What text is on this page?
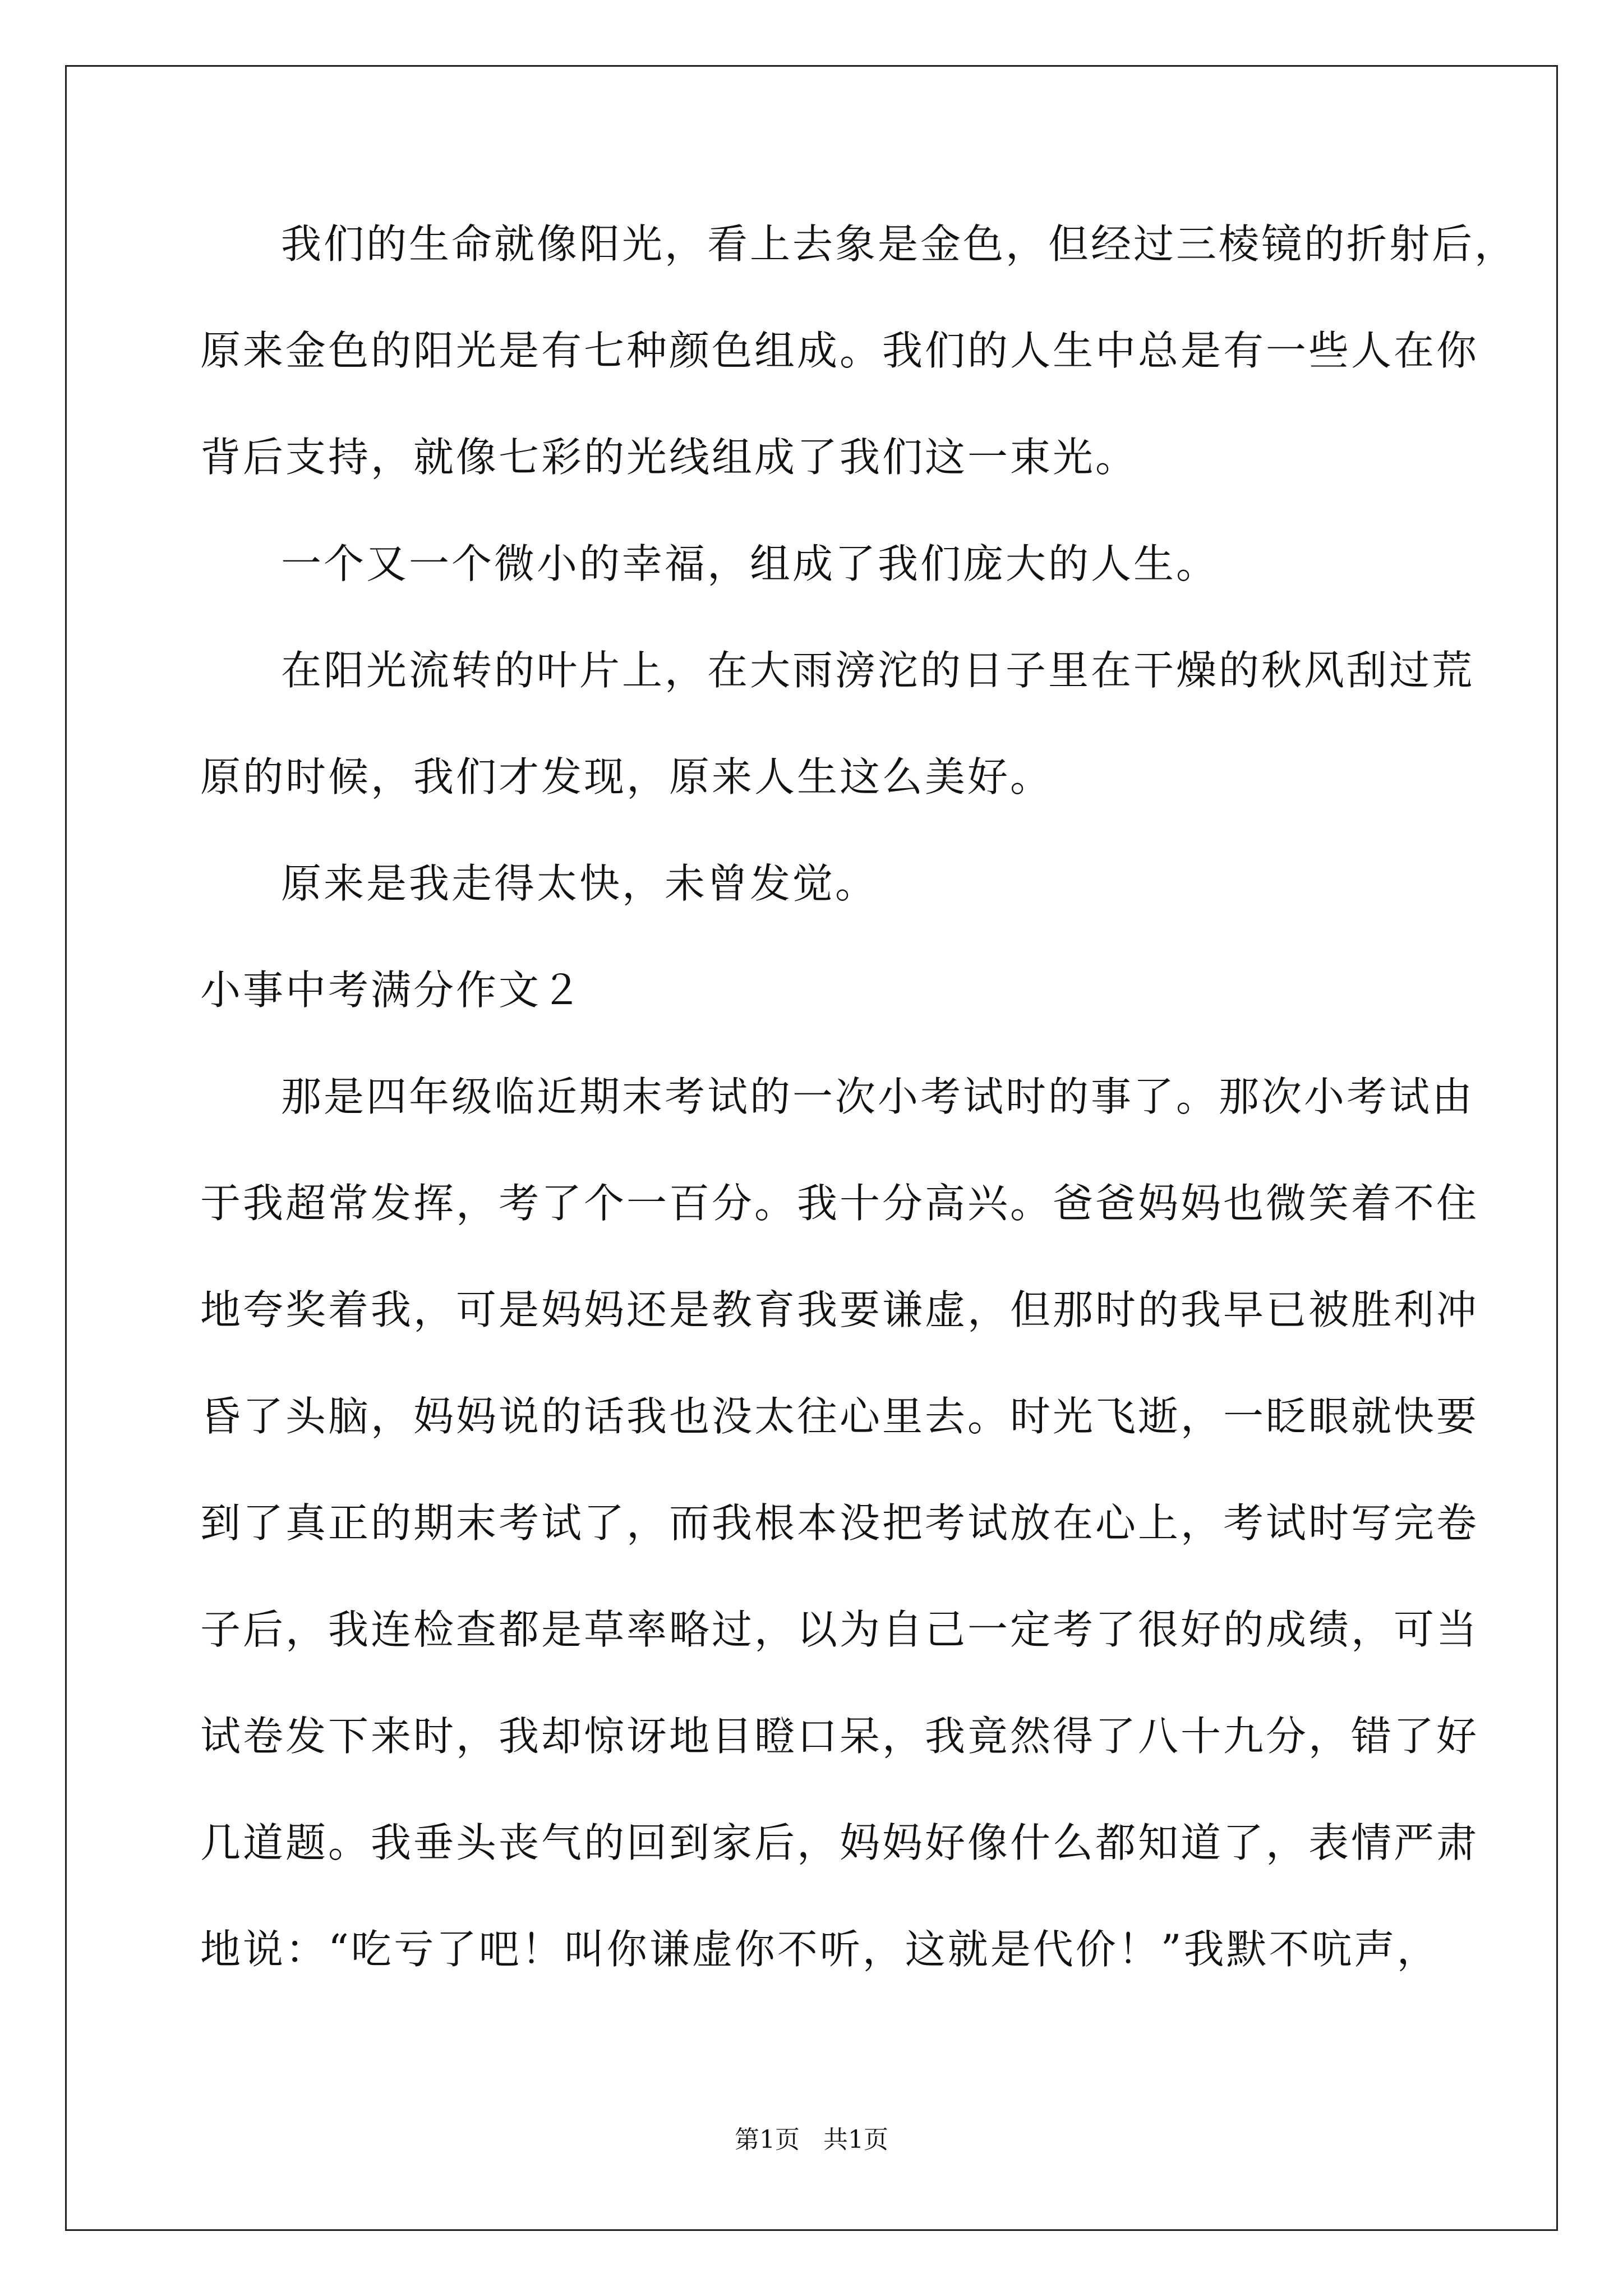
我们的生命就像阳光，看上去象是金色，但经过三棱镜的折射后，
原来金色的阳光是有七种颜色组成。我们的人生中总是有一些人在你
背后支持，就像七彩的光线组成了我们这一束光。
一个又一个微小的幸福，组成了我们庞大的人生。
在阳光流转的叶片上，在大雨滂沱的日子里在干燥的秋风刮过荒
原的时候，我们才发现，原来人生这么美好。
原来是我走得太快，未曾发觉。
小事中考满分作文２
那是四年级临近期末考试的一次小考试时的事了。那次小考试由
于我超常发挥，考了个一百分。我十分高兴。爸爸妈妈也微笑着不住
地夸奖着我，可是妈妈还是教育我要谦虚，但那时的我早已被胜利冲
昏了头脑，妈妈说的话我也没太往心里去。时光飞逝，一眨眼就快要
到了真正的期末考试了，而我根本没把考试放在心上，考试时写完卷
子后，我连检查都是草率略过，以为自己一定考了很好的成绩，可当
试卷发下来时，我却惊讶地目瞪口呆，我竟然得了八十九分，错了好
几道题。我垂头丧气的回到家后，妈妈好像什么都知道了，表情严肃
地说：“吃亏了吧！叫你谦虚你不听，这就是代价！”我默不吭声，
第1页   共1页
